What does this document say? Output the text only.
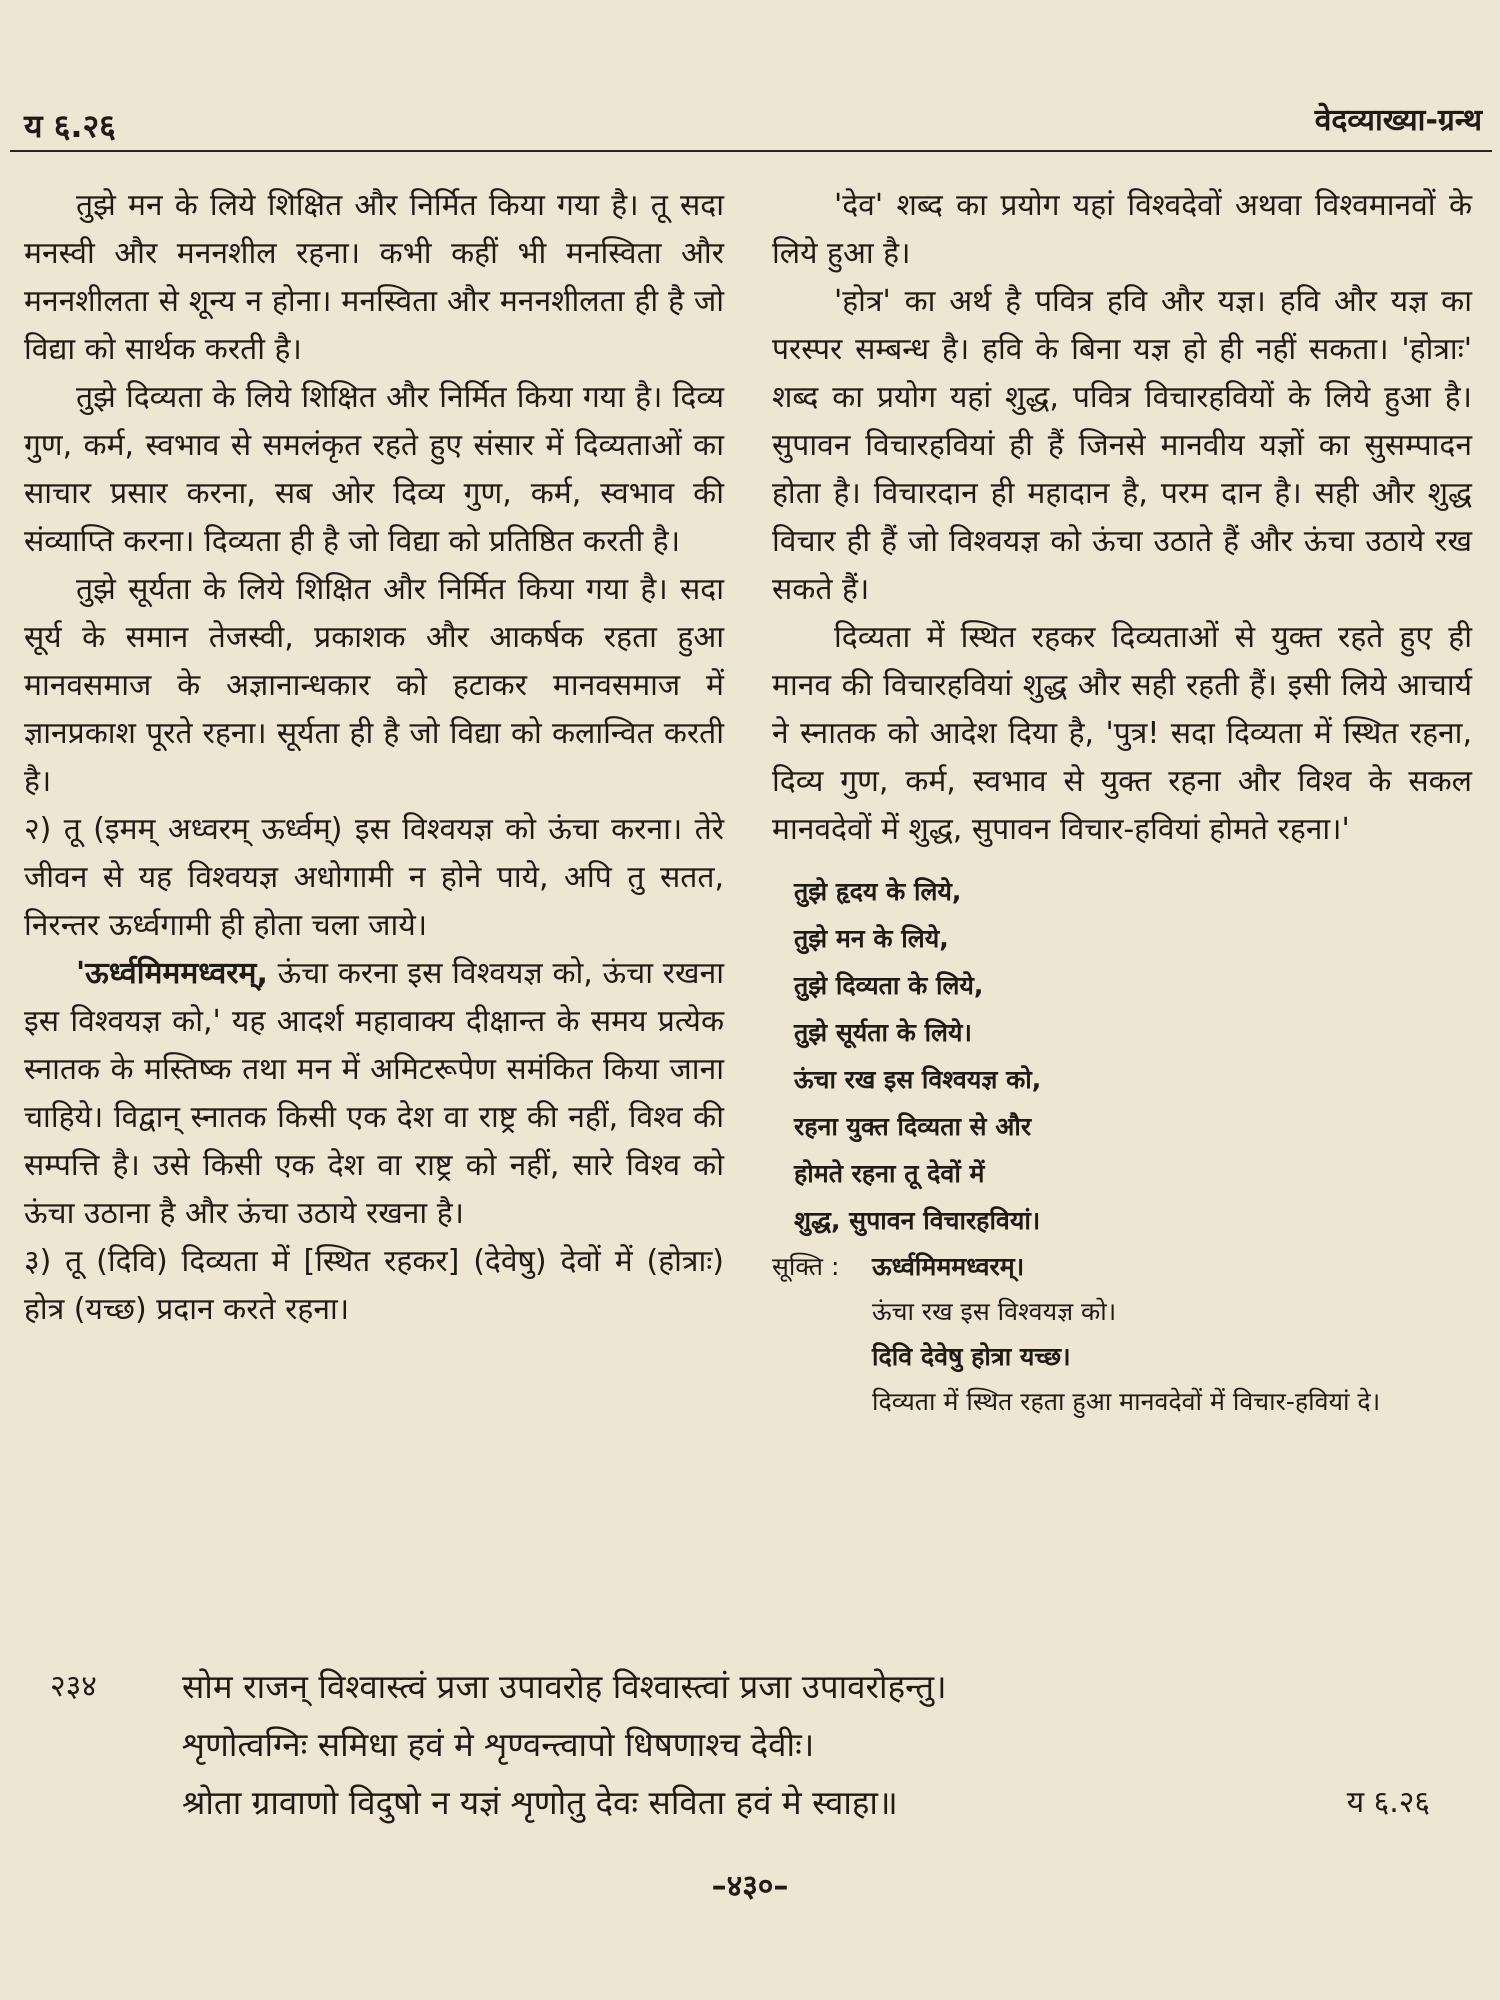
य ६.२६	वेदव्याख्या-ग्रन्थ

तुझे मन के लिये शिक्षित और निर्मित किया गया है। तू सदा मनस्वी और मननशील रहना। कभी कहीं भी मनस्विता और मननशीलता से शून्य न होना। मनस्विता और मननशीलता ही है जो विद्या को सार्थक करती है।

तुझे दिव्यता के लिये शिक्षित और निर्मित किया गया है। दिव्य गुण, कर्म, स्वभाव से समलंकृत रहते हुए संसार में दिव्यताओं का साचार प्रसार करना, सब ओर दिव्य गुण, कर्म, स्वभाव की संव्याप्ति करना। दिव्यता ही है जो विद्या को प्रतिष्ठित करती है।

तुझे सूर्यता के लिये शिक्षित और निर्मित किया गया है। सदा सूर्य के समान तेजस्वी, प्रकाशक और आकर्षक रहता हुआ मानवसमाज के अज्ञानान्धकार को हटाकर मानवसमाज में ज्ञानप्रकाश पूरते रहना। सूर्यता ही है जो विद्या को कलान्वित करती है।

२) तू (इमम् अध्वरम् ऊर्ध्वम्) इस विश्वयज्ञ को ऊंचा करना। तेरे जीवन से यह विश्वयज्ञ अधोगामी न होने पाये, अपि तु सतत, निरन्तर ऊर्ध्वगामी ही होता चला जाये।

'ऊर्ध्वमिममध्वरम्, ऊंचा करना इस विश्वयज्ञ को, ऊंचा रखना इस विश्वयज्ञ को,' यह आदर्श महावाक्य दीक्षान्त के समय प्रत्येक स्नातक के मस्तिष्क तथा मन में अमिटरूपेण समंकित किया जाना चाहिये। विद्वान् स्नातक किसी एक देश वा राष्ट्र की नहीं, विश्व की सम्पत्ति है। उसे किसी एक देश वा राष्ट्र को नहीं, सारे विश्व को ऊंचा उठाना है और ऊंचा उठाये रखना है।

३) तू (दिवि) दिव्यता में [स्थित रहकर] (देवेषु) देवों में (होत्राः) होत्र (यच्छ) प्रदान करते रहना।

'देव' शब्द का प्रयोग यहां विश्वदेवों अथवा विश्वमानवों के लिये हुआ है।

'होत्र' का अर्थ है पवित्र हवि और यज्ञ। हवि और यज्ञ का परस्पर सम्बन्ध है। हवि के बिना यज्ञ हो ही नहीं सकता। 'होत्राः' शब्द का प्रयोग यहां शुद्ध, पवित्र विचारहवियों के लिये हुआ है। सुपावन विचारहवियां ही हैं जिनसे मानवीय यज्ञों का सुसम्पादन होता है। विचारदान ही महादान है, परम दान है। सही और शुद्ध विचार ही हैं जो विश्वयज्ञ को ऊंचा उठाते हैं और ऊंचा उठाये रख सकते हैं।

दिव्यता में स्थित रहकर दिव्यताओं से युक्त रहते हुए ही मानव की विचारहवियां शुद्ध और सही रहती हैं। इसी लिये आचार्य ने स्नातक को आदेश दिया है, 'पुत्र! सदा दिव्यता में स्थित रहना, दिव्य गुण, कर्म, स्वभाव से युक्त रहना और विश्व के सकल मानवदेवों में शुद्ध, सुपावन विचार-हवियां होमते रहना।'

तुझे हृदय के लिये,
तुझे मन के लिये,
तुझे दिव्यता के लिये,
तुझे सूर्यता के लिये।
ऊंचा रख इस विश्वयज्ञ को,
रहना युक्त दिव्यता से और
होमते रहना तू देवों में
शुद्ध, सुपावन विचारहवियां।
सूक्ति :	ऊर्ध्वमिममध्वरम्।
ऊंचा रख इस विश्वयज्ञ को।
दिवि देवेषु होत्रा यच्छ।
दिव्यता में स्थित रहता हुआ मानवदेवों में विचार-हवियां दे।
२३४	सोम राजन् विश्वास्त्वं प्रजा उपावरोह विश्वास्त्वां प्रजा उपावरोहन्तु।
शृणोत्वग्निः समिधा हवं मे शृण्वन्त्वापो धिषणाश्च देवीः।
श्रोता ग्रावाणो विदुषो न यज्ञं शृणोतु देवः सविता हवं मे स्वाहा॥	य ६.२६
–४३०–
